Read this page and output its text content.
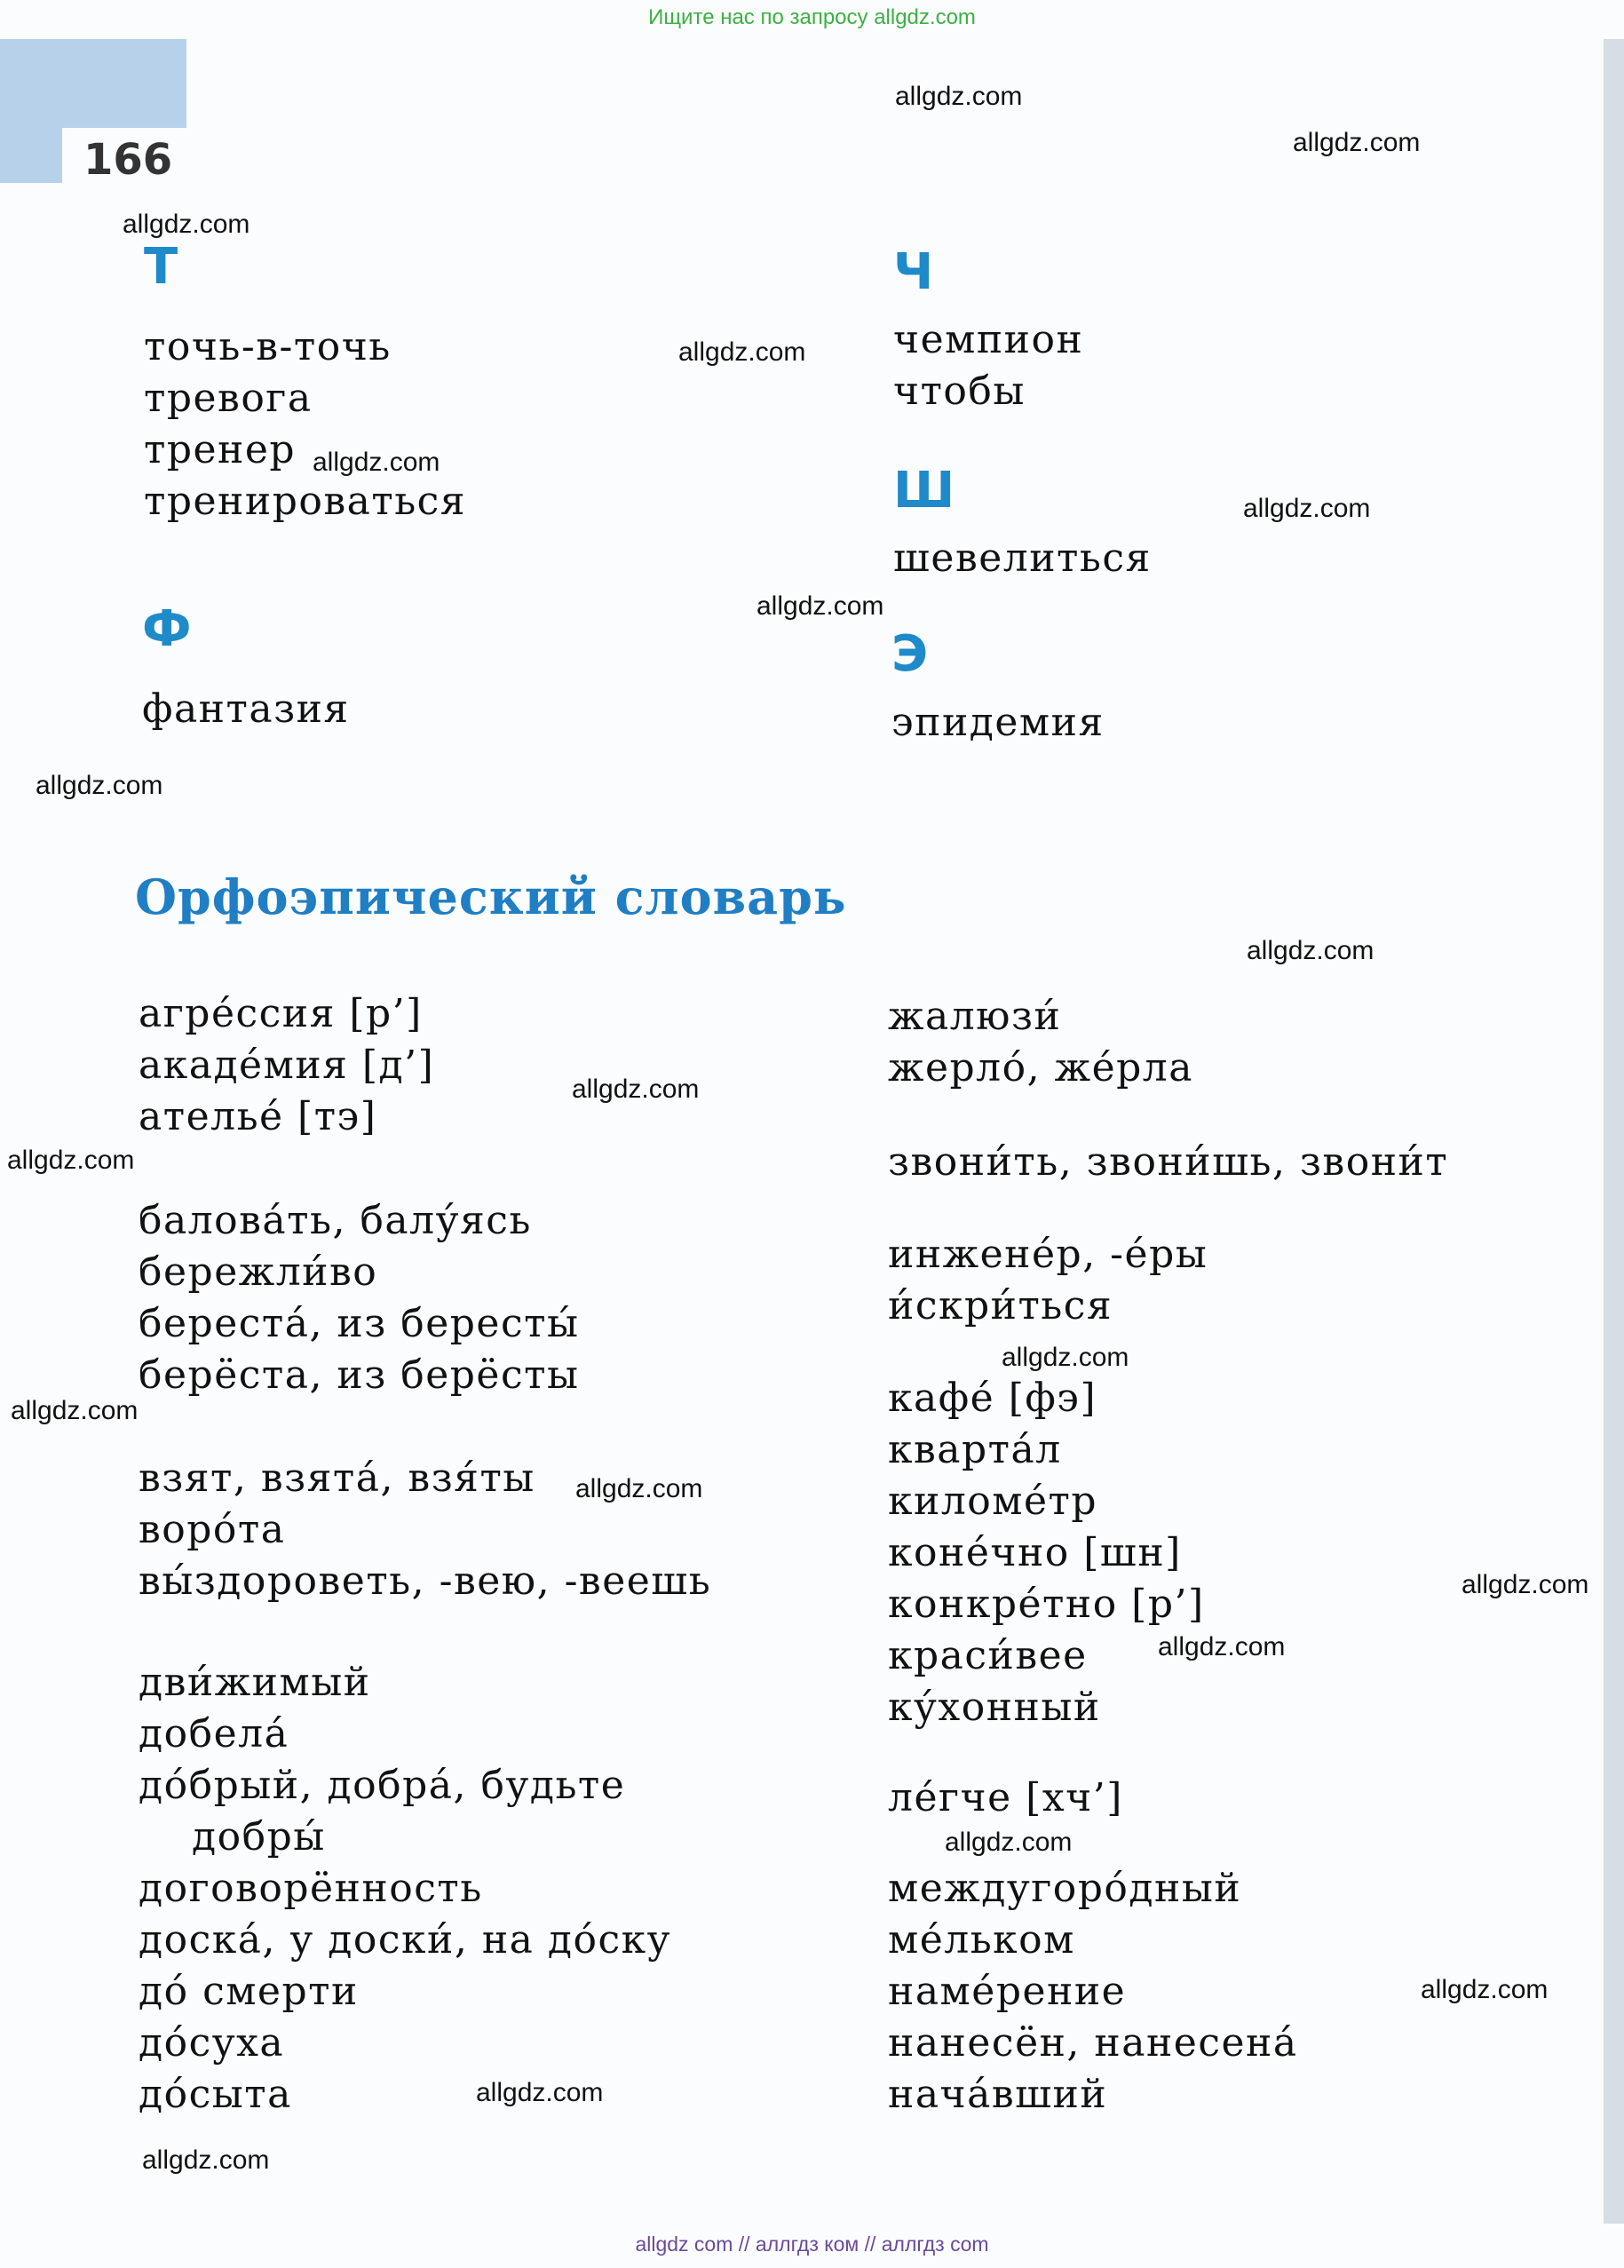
Ищите нас по запросу allgdz.com
166
Т
точь-в-точь
тревога
тренер
тренироваться
Ф
фантазия
Ч
чемпион
чтобы
Ш
шевелиться
Э
эпидемия
Орфоэпический словарь
агре́ссия [р’]
акаде́мия [д’]
ателье́ [тэ]
балова́ть, балу́ясь
бережли́во
береста́, из бересты́
берёста, из берёсты
взят, взята́, взя́ты
воро́та
вы́здороветь, -вею, -веешь
дви́жимый
добела́
до́брый, добра́, будьте
добры́
договорённость
доска́, у доски́, на до́ску
до́ смерти
до́суха
до́сыта
жалюзи́
жерло́, же́рла
звони́ть, звони́шь, звони́т
инжене́р, -е́ры
и́скри́ться
кафе́ [фэ]
кварта́л
киломе́тр
коне́чно [шн]
конкре́тно [р’]
краси́вее
ку́хонный
ле́гче [хч’]
междугоро́дный
ме́льком
наме́рение
нанесён, нанесена́
нача́вший
allgdz.com
allgdz.com
allgdz.com
allgdz.com
allgdz.com
allgdz.com
allgdz.com
allgdz.com
allgdz.com
allgdz.com
allgdz.com
allgdz.com
allgdz.com
allgdz.com
allgdz.com
allgdz.com
allgdz.com
allgdz.com
allgdz.com
allgdz.com
allgdz com // аллгдз ком // аллгдз com
